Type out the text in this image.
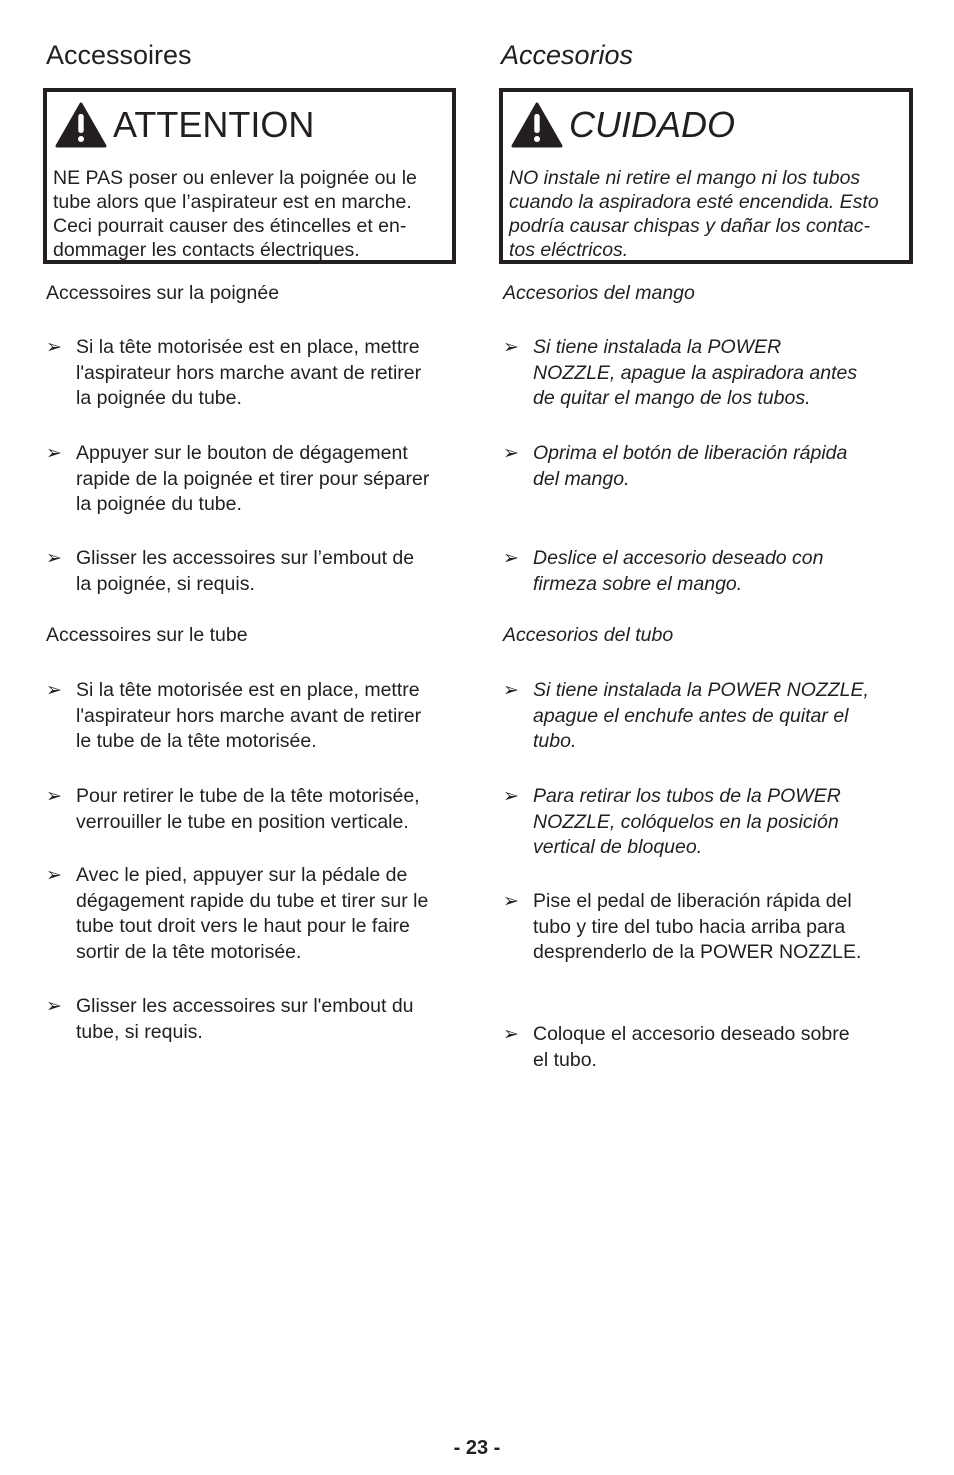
Accessoires
ATTENTION
NE PAS poser ou enlever la poignée ou le
tube alors que l’aspirateur est en marche.
Ceci pourrait causer des étincelles et en-
dommager les contacts électriques.
Accessoires sur la poignée
➢ Si la tête motorisée est en place, mettre
l'aspirateur hors marche avant de retirer
la poignée du tube.
➢ Appuyer sur le bouton de dégagement
rapide de la poignée et tirer pour séparer
la poignée du tube.
➢ Glisser les accessoires sur l’embout de
la poignée, si requis.
Accessoires sur le tube
➢ Si la tête motorisée est en place, mettre
l'aspirateur hors marche avant de retirer
le tube de la tête motorisée.
➢ Pour retirer le tube de la tête motorisée,
verrouiller le tube en position verticale.
➢ Avec le pied, appuyer sur la pédale de
dégagement rapide du tube et tirer sur le
tube tout droit vers le haut pour le faire
sortir de la tête motorisée.
➢ Glisser les accessoires sur l'embout du
tube, si requis.
Accesorios
CUIDADO
NO instale ni retire el mango ni los tubos
cuando la aspiradora esté encendida. Esto
podría causar chispas y dañar los contac-
tos eléctricos.
Accesorios del mango
➢ Si tiene instalada la POWER
NOZZLE, apague la aspiradora antes
de quitar el mango de los tubos.
➢ Oprima el botón de liberación rápida
del mango.
➢ Deslice el accesorio deseado con
firmeza sobre el mango.
Accesorios del tubo
➢ Si tiene instalada la POWER NOZZLE,
apague el enchufe antes de quitar el
tubo.
➢ Para retirar los tubos de la POWER
NOZZLE, colóquelos en la posición
vertical de bloqueo.
➢ Pise el pedal de liberación rápida del
tubo y tire del tubo hacia arriba para
desprenderlo de la POWER NOZZLE.
➢ Coloque el accesorio deseado sobre
el tubo.
- 23 -
